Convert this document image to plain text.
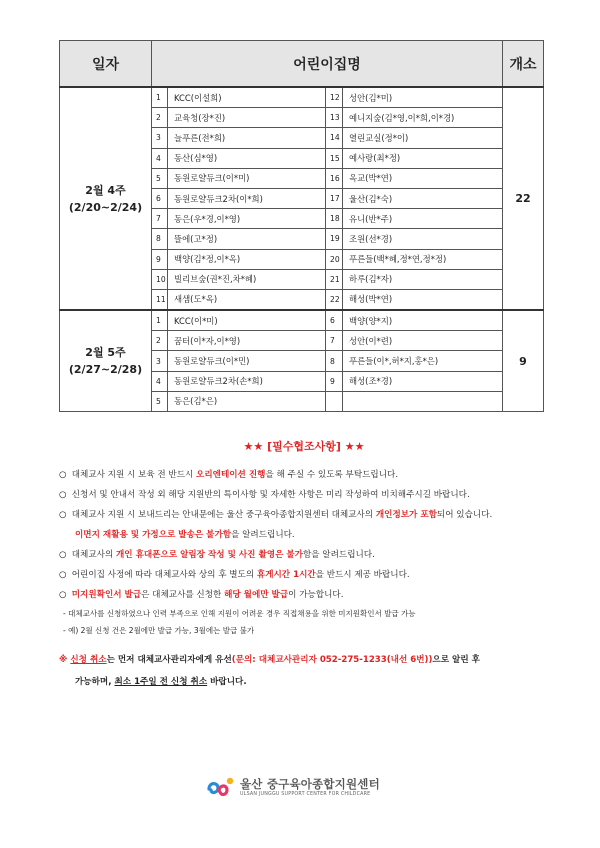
일자	어린이집명				개소

2월 4주
(2/20~2/24)	1	KCC(이설희)	12	성안(김*미)	22
	2	교육청(장*진)	13	예니지숲(김*영,이*희,이*경)	
	3	늘푸른(전*희)	14	열린교실(정*이)	
	4	동산(심*영)	15	예사랑(최*정)	
	5	동원로얄듀크(이*미)	16	옥교(박*연)	
	6	동원로얄듀크2차(이*희)	17	울산(김*숙)	
	7	동은(우*경,이*영)	18	유니(반*주)	
	8	뜰에(고*정)	19	조원(선*경)	
	9	백양(김*정,이*옥)	20	푸른들(백*혜,정*연,정*정)	
	10	빌리브숲(권*진,차*혜)	21	하루(김*자)	
	11	새샘(도*옥)	22	해성(박*연)	

2월 5주
(2/27~2/28)	1	KCC(이*미)	6	백양(양*지)	9
	2	꿈터(이*자,이*영)	7	성안(이*련)	
	3	동원로얄듀크(이*민)	8	푸른들(이*,허*지,홍*은)	
	4	동원로얄듀크2차(손*희)	9	해성(조*경)	
	5	동은(김*은)			
★★ [필수협조사항] ★★
○ 대체교사 지원 시 보육 전 반드시 오리엔테이션 진행을 해 주실 수 있도록 부탁드립니다.
○ 신청서 및 안내서 작성 외 해당 지원반의 특이사항 및 자세한 사항은 미리 작성하여 비치해주시길 바랍니다.
○ 대체교사 지원 시 보내드리는 안내문에는 울산 중구육아종합지원센터 대체교사의 개인정보가 포함되어 있습니다.
이면지 재활용 및 가정으로 발송은 불가함을 알려드립니다.
○ 대체교사의 개인 휴대폰으로 알림장 작성 및 사진 촬영은 불가함을 알려드립니다.
○ 어린이집 사정에 따라 대체교사와 상의 후 별도의 휴게시간 1시간을 반드시 제공 바랍니다.
○ 미지원확인서 발급은 대체교사를 신청한 해당 월에만 발급이 가능합니다.
- 대체교사를 신청하였으나 인력 부족으로 인해 지원이 어려운 경우 직접채용을 위한 미지원확인서 발급 가능
- 예) 2월 신청 건은 2월에만 발급 가능, 3월에는 발급 불가
※ 신청 취소는 먼저 대체교사관리자에게 유선(문의: 대체교사관리자 052-275-1233(내선 6번))으로 알린 후
가능하며, 최소 1주일 전 신청 취소 바랍니다.
울산 중구육아종합지원센터
ULSAN JUNGGU SUPPORT CENTER FOR CHILDCARE
